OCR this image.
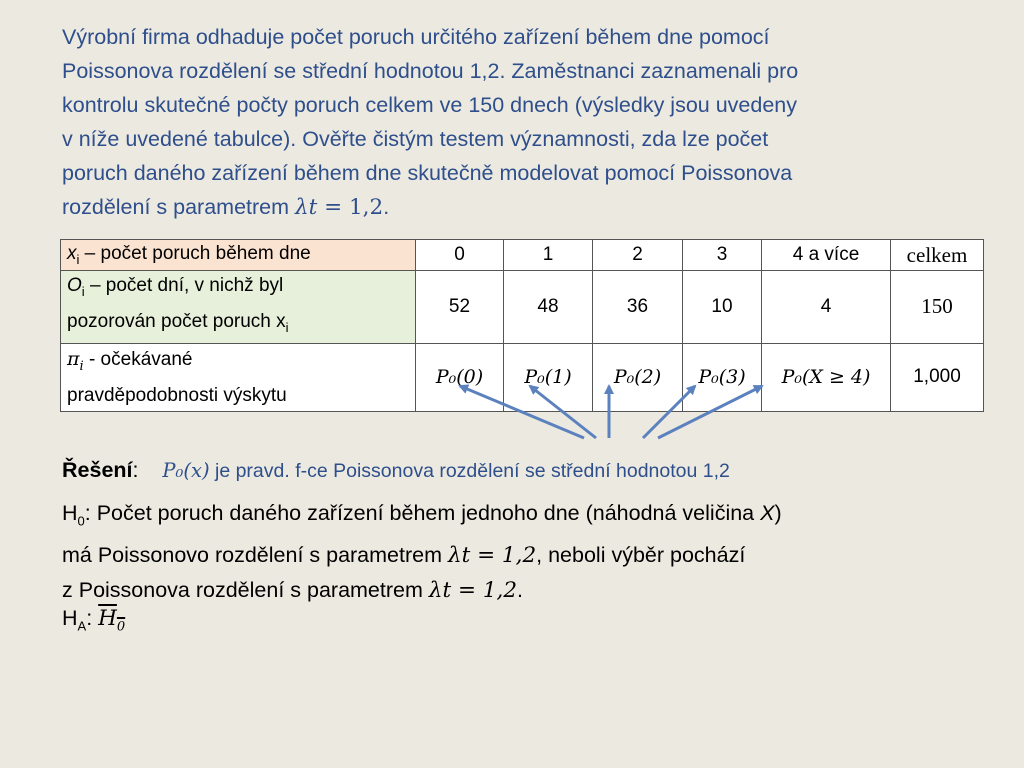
Výrobní firma odhaduje počet poruch určitého zařízení během dne pomocí
Poissonova rozdělení se střední hodnotou 1,2. Zaměstnanci zaznamenali pro
kontrolu skutečné počty poruch celkem ve 150 dnech (výsledky jsou uvedeny
v níže uvedené tabulce). Ověřte čistým testem významnosti, zda lze počet
poruch daného zařízení během dne skutečně modelovat pomocí Poissonova
rozdělení s parametrem λt = 1,2.
$x_i$ – počet poruch během dne	0	1	2	3	4 a více	celkem
$O_i$ – počet dní, v nichž byl
pozorován počet poruch $x_i$	52	48	36	10	4	150
$\pi_i$ - očekávané
pravděpodobnosti výskytu	P₀(0)	P₀(1)	P₀(2)	P₀(3)	P₀(X ≥ 4)	1,000
Řešení: P₀(x) je pravd. f-ce Poissonova rozdělení se střední hodnotou 1,2
$H_0$: Počet poruch daného zařízení během jednoho dne (náhodná veličina X)
má Poissonovo rozdělení s parametrem λt = 1,2, neboli výběr pochází
z Poissonova rozdělení s parametrem λt = 1,2.
$H_A$: $H_0$
